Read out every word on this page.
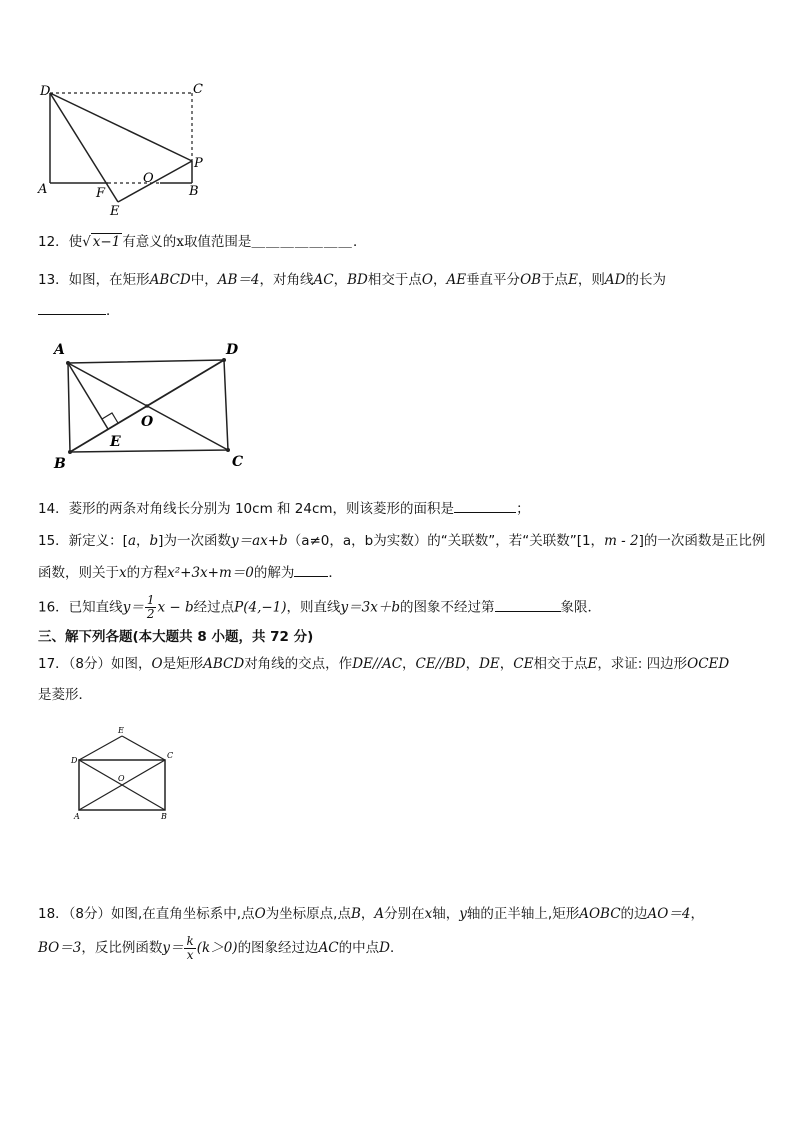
D	C
P
A	F
O
B
E
12．使√ x−1 有意义的x取值范围是＿＿＿＿＿＿＿．
13．如图，在矩形ABCD中，AB＝4，对角线AC，BD相交于点O，AE垂直平分OB于点E，则AD的长为
．
A	D
O
E
B	C
14．菱形的两条对角线长分别为 10cm 和 24cm，则该菱形的面积是	；
15．新定义：[a，b]为一次函数y＝ax+b（a≠0，a，b为实数）的“关联数”，若“关联数”[1，m - 2]的一次函数是正比例
函数，则关于x的方程x²+3x+m＝0的解为	．
16．已知直线$y= \frac{1}{2}$ x − b经过点P(4,−1)，则直线y＝3x＋b的图象不经过第	象限．
三、解下列各题(本大题共 8 小题，共 72 分)
17．（8分）如图，O是矩形ABCD对角线的交点，作DE//AC，CE//BD，DE，CE相交于点E，求证: 四边形OCED
是菱形．
E
D
C
O
A	B
18．（8分）如图,在直角坐标系中,点O为坐标原点,点B，A分别在x轴，y轴的正半轴上,矩形AOBC的边AO＝4，
BO＝3，反比例函数$y= \frac{k}{x} (k>0)$的图象经过边AC的中点D．
